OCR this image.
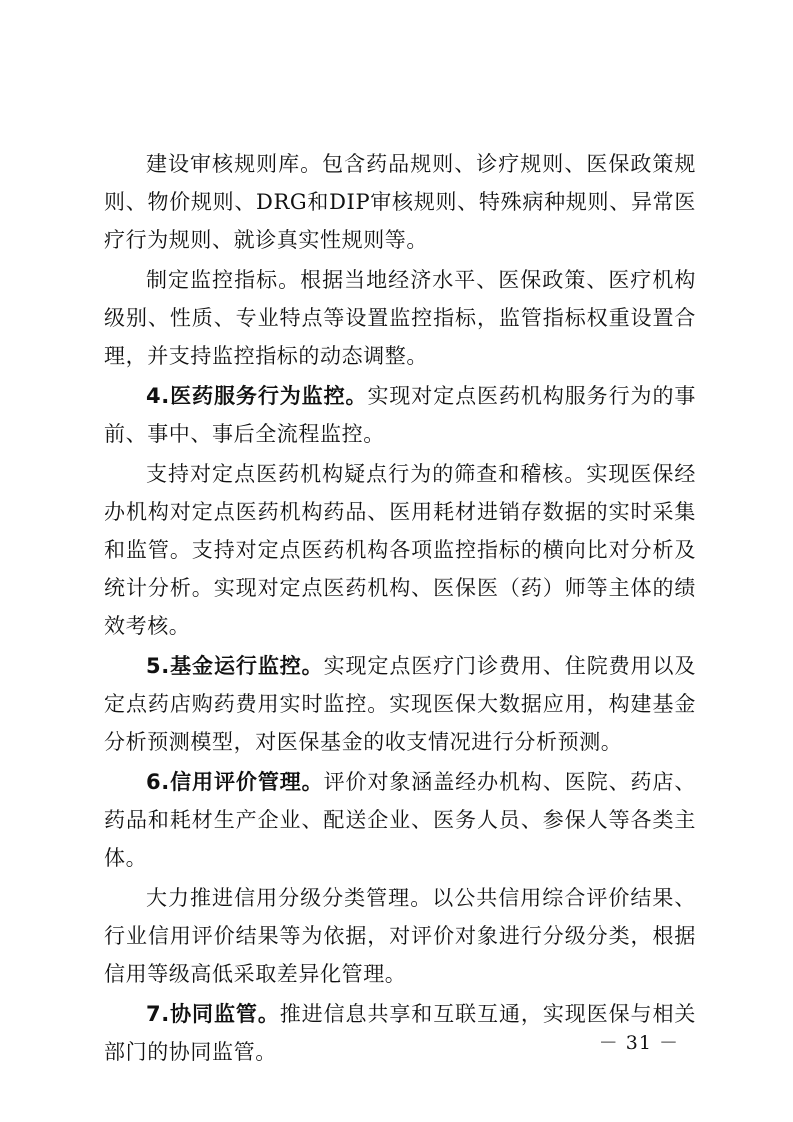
建设审核规则库。包含药品规则、诊疗规则、医保政策规则、物价规则、DRG和DIP审核规则、特殊病种规则、异常医疗行为规则、就诊真实性规则等。

制定监控指标。根据当地经济水平、医保政策、医疗机构级别、性质、专业特点等设置监控指标，监管指标权重设置合理，并支持监控指标的动态调整。

4.医药服务行为监控。实现对定点医药机构服务行为的事前、事中、事后全流程监控。

支持对定点医药机构疑点行为的筛查和稽核。实现医保经办机构对定点医药机构药品、医用耗材进销存数据的实时采集和监管。支持对定点医药机构各项监控指标的横向比对分析及统计分析。实现对定点医药机构、医保医（药）师等主体的绩效考核。

5.基金运行监控。实现定点医疗门诊费用、住院费用以及定点药店购药费用实时监控。实现医保大数据应用，构建基金分析预测模型，对医保基金的收支情况进行分析预测。

6.信用评价管理。评价对象涵盖经办机构、医院、药店、药品和耗材生产企业、配送企业、医务人员、参保人等各类主体。

大力推进信用分级分类管理。以公共信用综合评价结果、行业信用评价结果等为依据，对评价对象进行分级分类，根据信用等级高低采取差异化管理。

7.协同监管。推进信息共享和互联互通，实现医保与相关部门的协同监管。	－ 31 －
